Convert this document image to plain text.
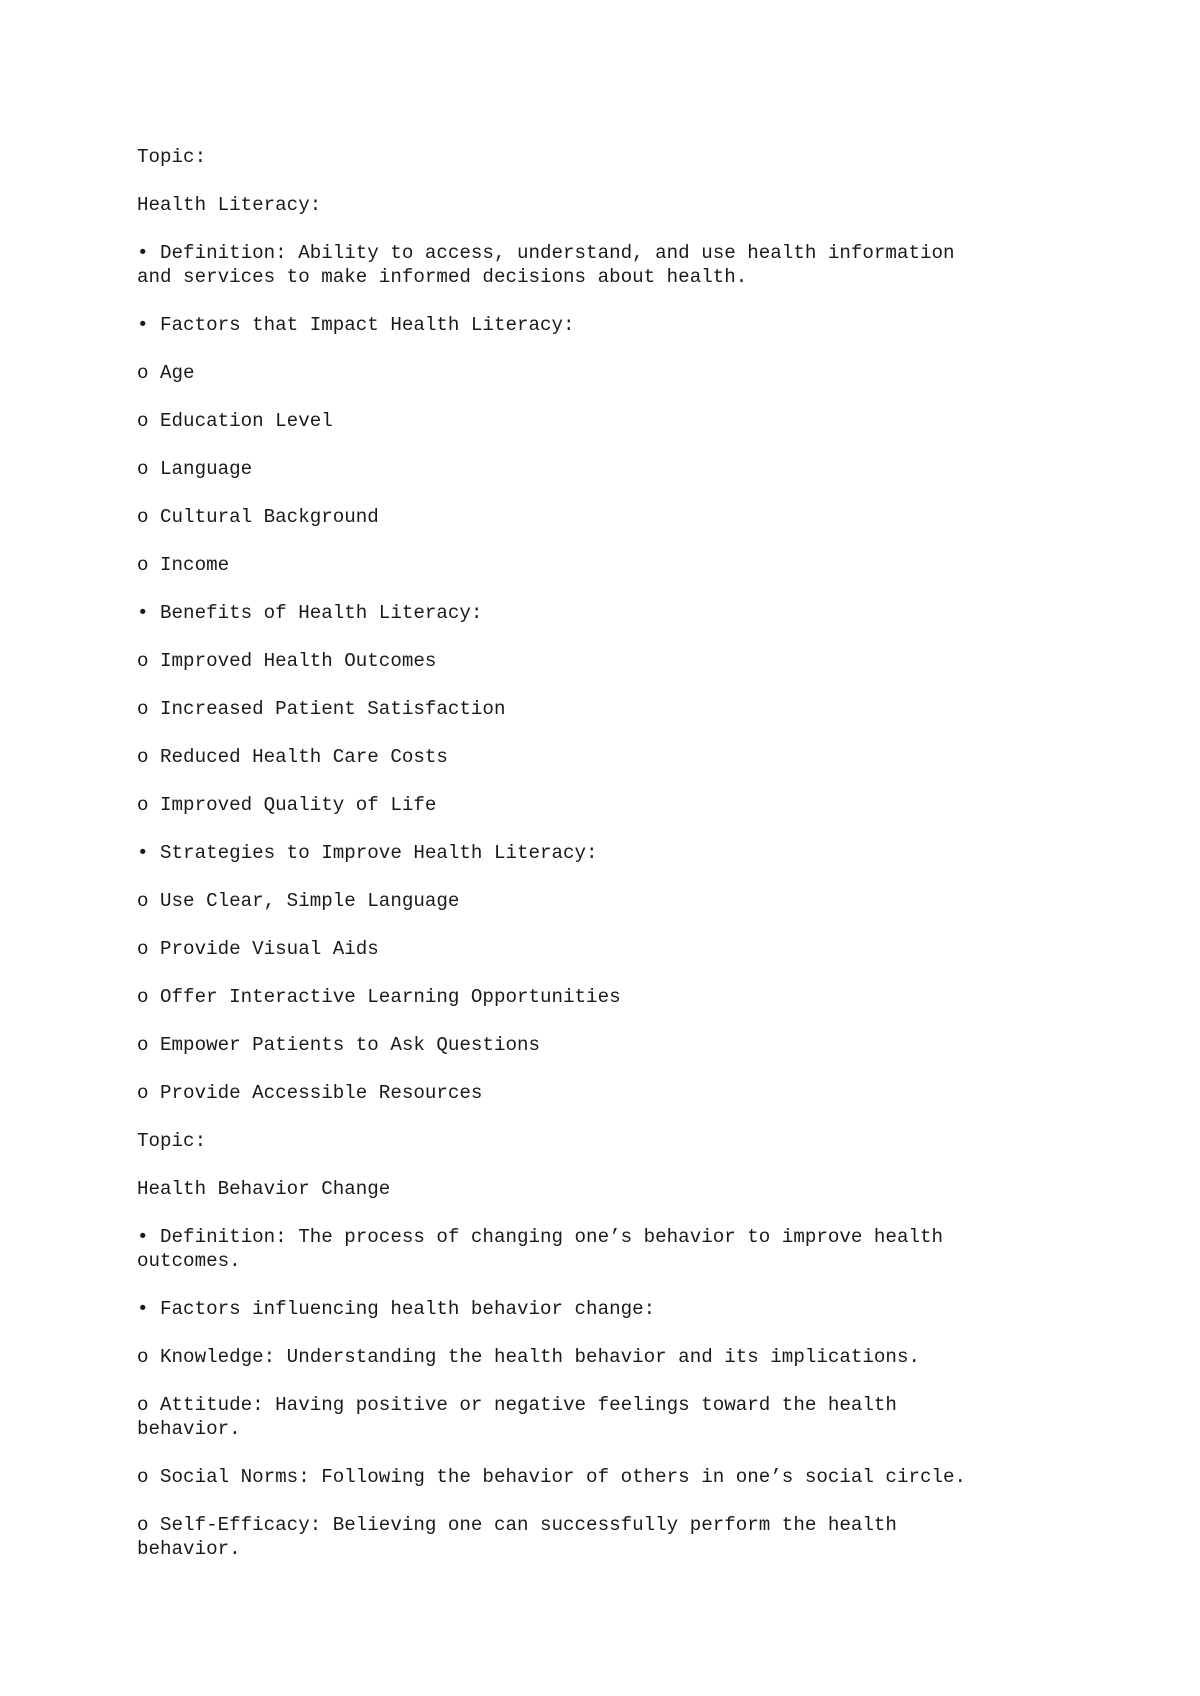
Topic:

Health Literacy:

• Definition: Ability to access, understand, and use health information
and services to make informed decisions about health.

• Factors that Impact Health Literacy:

o Age

o Education Level

o Language

o Cultural Background

o Income

• Benefits of Health Literacy:

o Improved Health Outcomes

o Increased Patient Satisfaction

o Reduced Health Care Costs

o Improved Quality of Life

• Strategies to Improve Health Literacy:

o Use Clear, Simple Language

o Provide Visual Aids

o Offer Interactive Learning Opportunities

o Empower Patients to Ask Questions

o Provide Accessible Resources

Topic:

Health Behavior Change

• Definition: The process of changing one’s behavior to improve health
outcomes.

• Factors influencing health behavior change:

o Knowledge: Understanding the health behavior and its implications.

o Attitude: Having positive or negative feelings toward the health
behavior.

o Social Norms: Following the behavior of others in one’s social circle.

o Self-Efficacy: Believing one can successfully perform the health
behavior.
